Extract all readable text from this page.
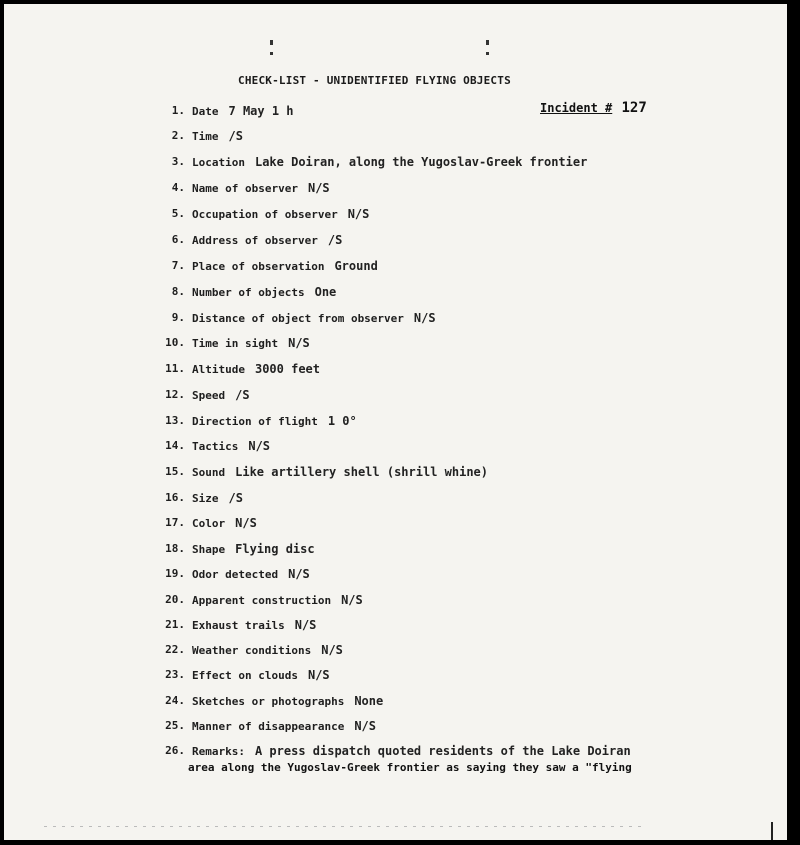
CHECK-LIST - UNIDENTIFIED FLYING OBJECTS
Incident # 127
1. Date 7 May 1 h
2. Time /S
3. Location Lake Doiran, along the Yugoslav-Greek frontier
4. Name of observer N/S
5. Occupation of observer N/S
6. Address of observer /S
7. Place of observation Ground
8. Number of objects One
9. Distance of object from observer N/S
10. Time in sight N/S
11. Altitude 3000 feet
12. Speed /S
13. Direction of flight 1 0°
14. Tactics N/S
15. Sound Like artillery shell (shrill whine)
16. Size /S
17. Color N/S
18. Shape Flying disc
19. Odor detected N/S
20. Apparent construction N/S
21. Exhaust trails N/S
22. Weather conditions N/S
23. Effect on clouds N/S
24. Sketches or photographs None
25. Manner of disappearance N/S
26. Remarks: A press dispatch quoted residents of the Lake Doiran
area along the Yugoslav-Greek frontier as saying they saw a "flying
